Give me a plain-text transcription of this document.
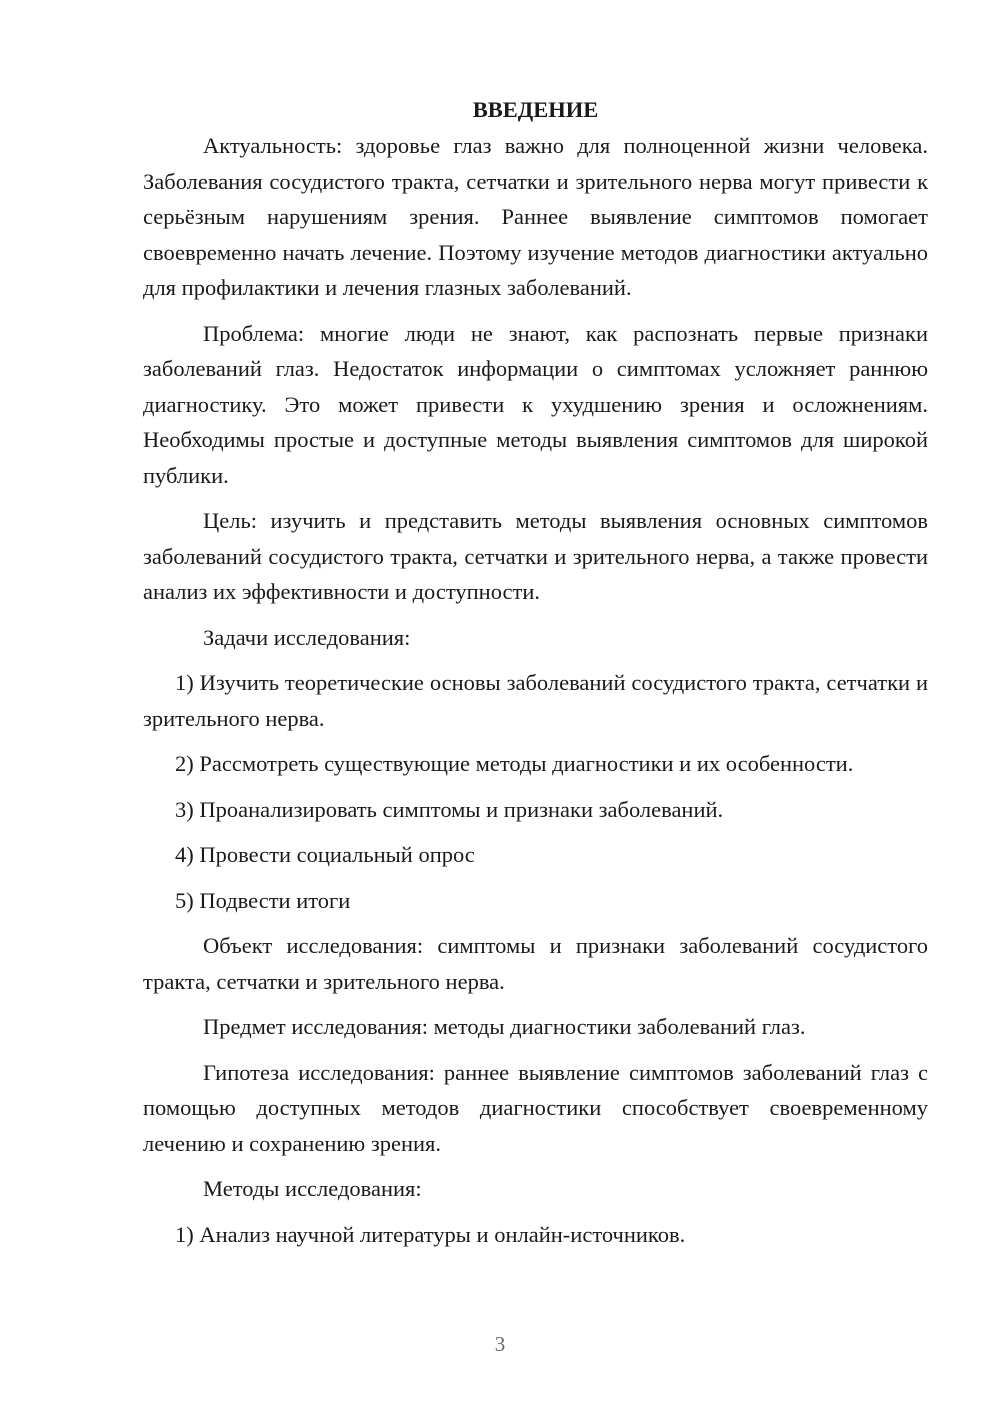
ВВЕДЕНИЕ

Актуальность: здоровье глаз важно для полноценной жизни человека. Заболевания сосудистого тракта, сетчатки и зрительного нерва могут привести к серьёзным нарушениям зрения. Раннее выявление симптомов помогает своевременно начать лечение. Поэтому изучение методов диагностики актуально для профилактики и лечения глазных заболеваний.

Проблема: многие люди не знают, как распознать первые признаки заболеваний глаз. Недостаток информации о симптомах усложняет раннюю диагностику. Это может привести к ухудшению зрения и осложнениям. Необходимы простые и доступные методы выявления симптомов для широкой публики.

Цель: изучить и представить методы выявления основных симптомов заболеваний сосудистого тракта, сетчатки и зрительного нерва, а также провести анализ их эффективности и доступности.

Задачи исследования:

1) Изучить теоретические основы заболеваний сосудистого тракта, сетчатки и зрительного нерва.

2) Рассмотреть существующие методы диагностики и их особенности.

3) Проанализировать симптомы и признаки заболеваний.

4) Провести социальный опрос

5) Подвести итоги

Объект исследования: симптомы и признаки заболеваний сосудистого тракта, сетчатки и зрительного нерва.

Предмет исследования: методы диагностики заболеваний глаз.

Гипотеза исследования: раннее выявление симптомов заболеваний глаз с помощью доступных методов диагностики способствует своевременному лечению и сохранению зрения.

Методы исследования:

1) Анализ научной литературы и онлайн-источников.

3
